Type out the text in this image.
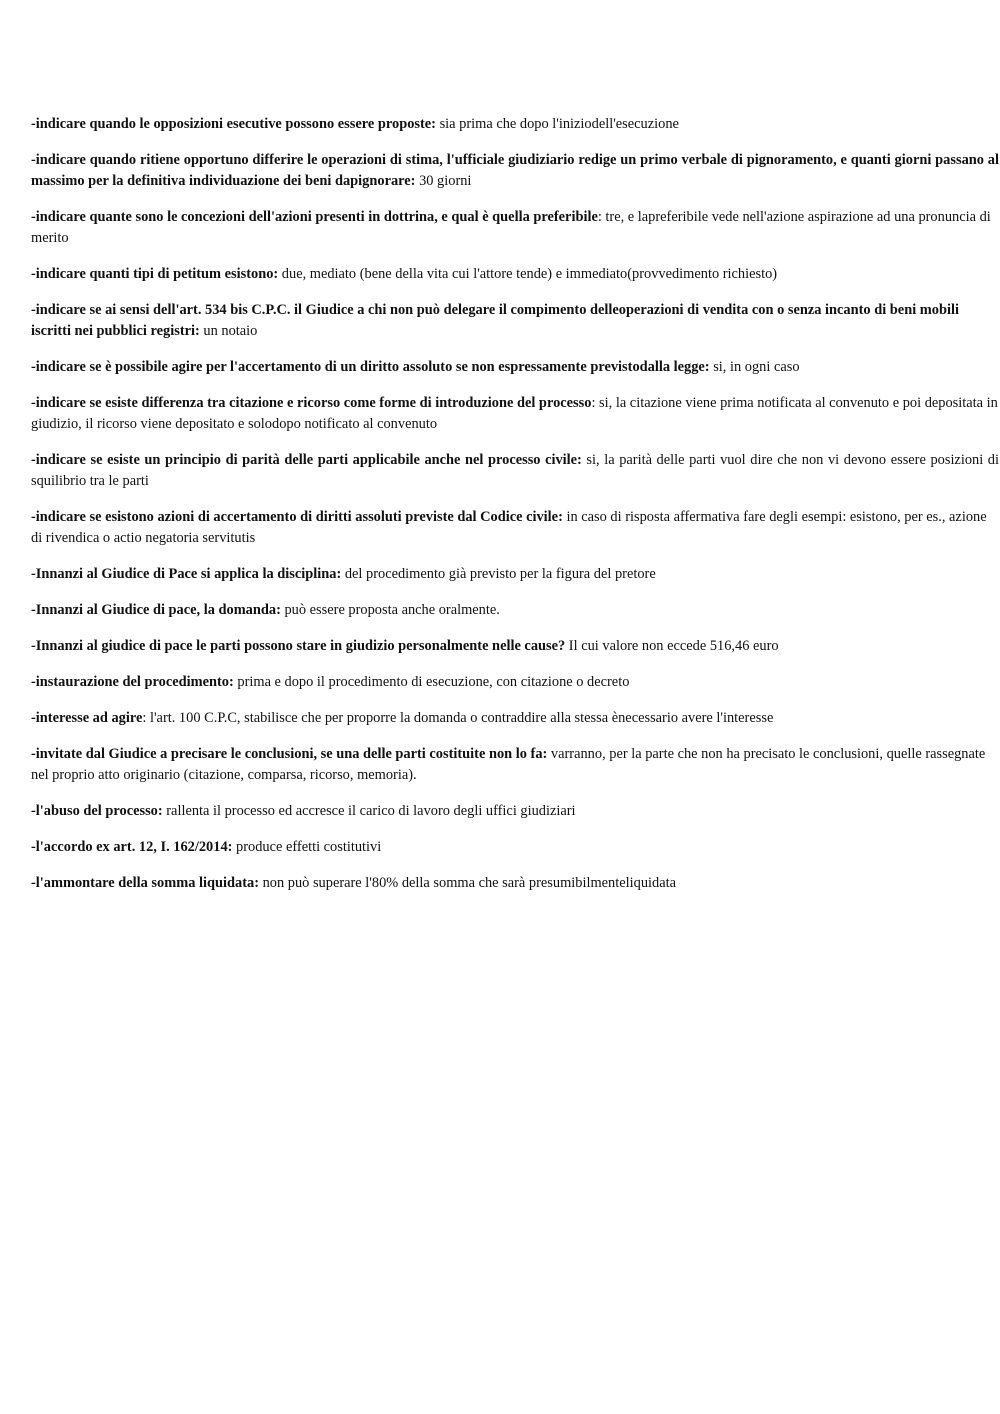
-indicare quando le opposizioni esecutive possono essere proposte: sia prima che dopo l'iniziodell'esecuzione

-indicare quando ritiene opportuno differire le operazioni di stima, l'ufficiale giudiziario redige un primo verbale di pignoramento, e quanti giorni passano al massimo per la definitiva individuazione dei beni dapignorare: 30 giorni

-indicare quante sono le concezioni dell'azioni presenti in dottrina, e qual è quella preferibile: tre, e lapreferibile vede nell'azione aspirazione ad una pronuncia di merito

-indicare quanti tipi di petitum esistono: due, mediato (bene della vita cui l'attore tende) e immediato(provvedimento richiesto)

-indicare se ai sensi dell'art. 534 bis C.P.C. il Giudice a chi non può delegare il compimento delleoperazioni di vendita con o senza incanto di beni mobili iscritti nei pubblici registri: un notaio

-indicare se è possibile agire per l'accertamento di un diritto assoluto se non espressamente previstodalla legge: si, in ogni caso

-indicare se esiste differenza tra citazione e ricorso come forme di introduzione del processo: si, la citazione viene prima notificata al convenuto e poi depositata in giudizio, il ricorso viene depositato e solodopo notificato al convenuto

-indicare se esiste un principio di parità delle parti applicabile anche nel processo civile: si, la parità delle parti vuol dire che non vi devono essere posizioni di squilibrio tra le parti

-indicare se esistono azioni di accertamento di diritti assoluti previste dal Codice civile: in caso di risposta affermativa fare degli esempi: esistono, per es., azione di rivendica o actio negatoria servitutis

-Innanzi al Giudice di Pace si applica la disciplina: del procedimento già previsto per la figura del pretore

-Innanzi al Giudice di pace, la domanda: può essere proposta anche oralmente.

-Innanzi al giudice di pace le parti possono stare in giudizio personalmente nelle cause? Il cui valore non eccede 516,46 euro

-instaurazione del procedimento: prima e dopo il procedimento di esecuzione, con citazione o decreto

-interesse ad agire: l'art. 100 C.P.C, stabilisce che per proporre la domanda o contraddire alla stessa ènecessario avere l'interesse

-invitate dal Giudice a precisare le conclusioni, se una delle parti costituite non lo fa: varranno, per la parte che non ha precisato le conclusioni, quelle rassegnate nel proprio atto originario (citazione, comparsa, ricorso, memoria).

-l'abuso del processo: rallenta il processo ed accresce il carico di lavoro degli uffici giudiziari

-l'accordo ex art. 12, I. 162/2014: produce effetti costitutivi

-l'ammontare della somma liquidata: non può superare l'80% della somma che sarà presumibilmenteliquidata
